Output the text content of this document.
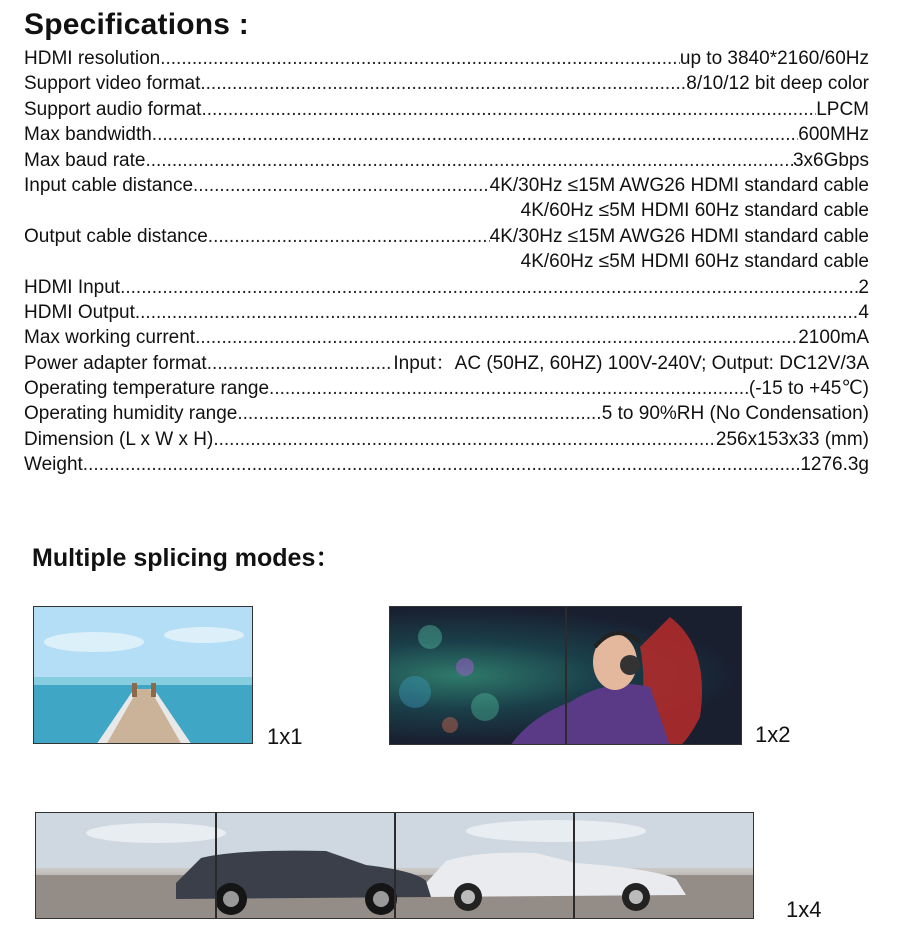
Specifications :
HDMI resolution .....	up to 3840*2160/60Hz
Support video format .....	8/10/12 bit deep color
Support audio format .....	LPCM
Max bandwidth .....	600MHz
Max baud rate .....	3x6Gbps
Input cable distance .....	4K/30Hz ≤15M AWG26 HDMI standard cable
4K/60Hz ≤5M HDMI 60Hz standard cable
Output cable distance .....	4K/30Hz ≤15M AWG26 HDMI standard cable
4K/60Hz ≤5M HDMI 60Hz standard cable
HDMI Input .....	2
HDMI Output .....	4
Max working current .....	2100mA
Power adapter format .....	Input：AC (50HZ, 60HZ) 100V-240V; Output: DC12V/3A
Operating temperature range .....	(-15 to +45℃)
Operating humidity range .....	5 to 90%RH (No Condensation)
Dimension (L x W x H) .....	256x153x33 (mm)
Weight .....	1276.3g
Multiple splicing modes：
1x1	1x2
1x4
